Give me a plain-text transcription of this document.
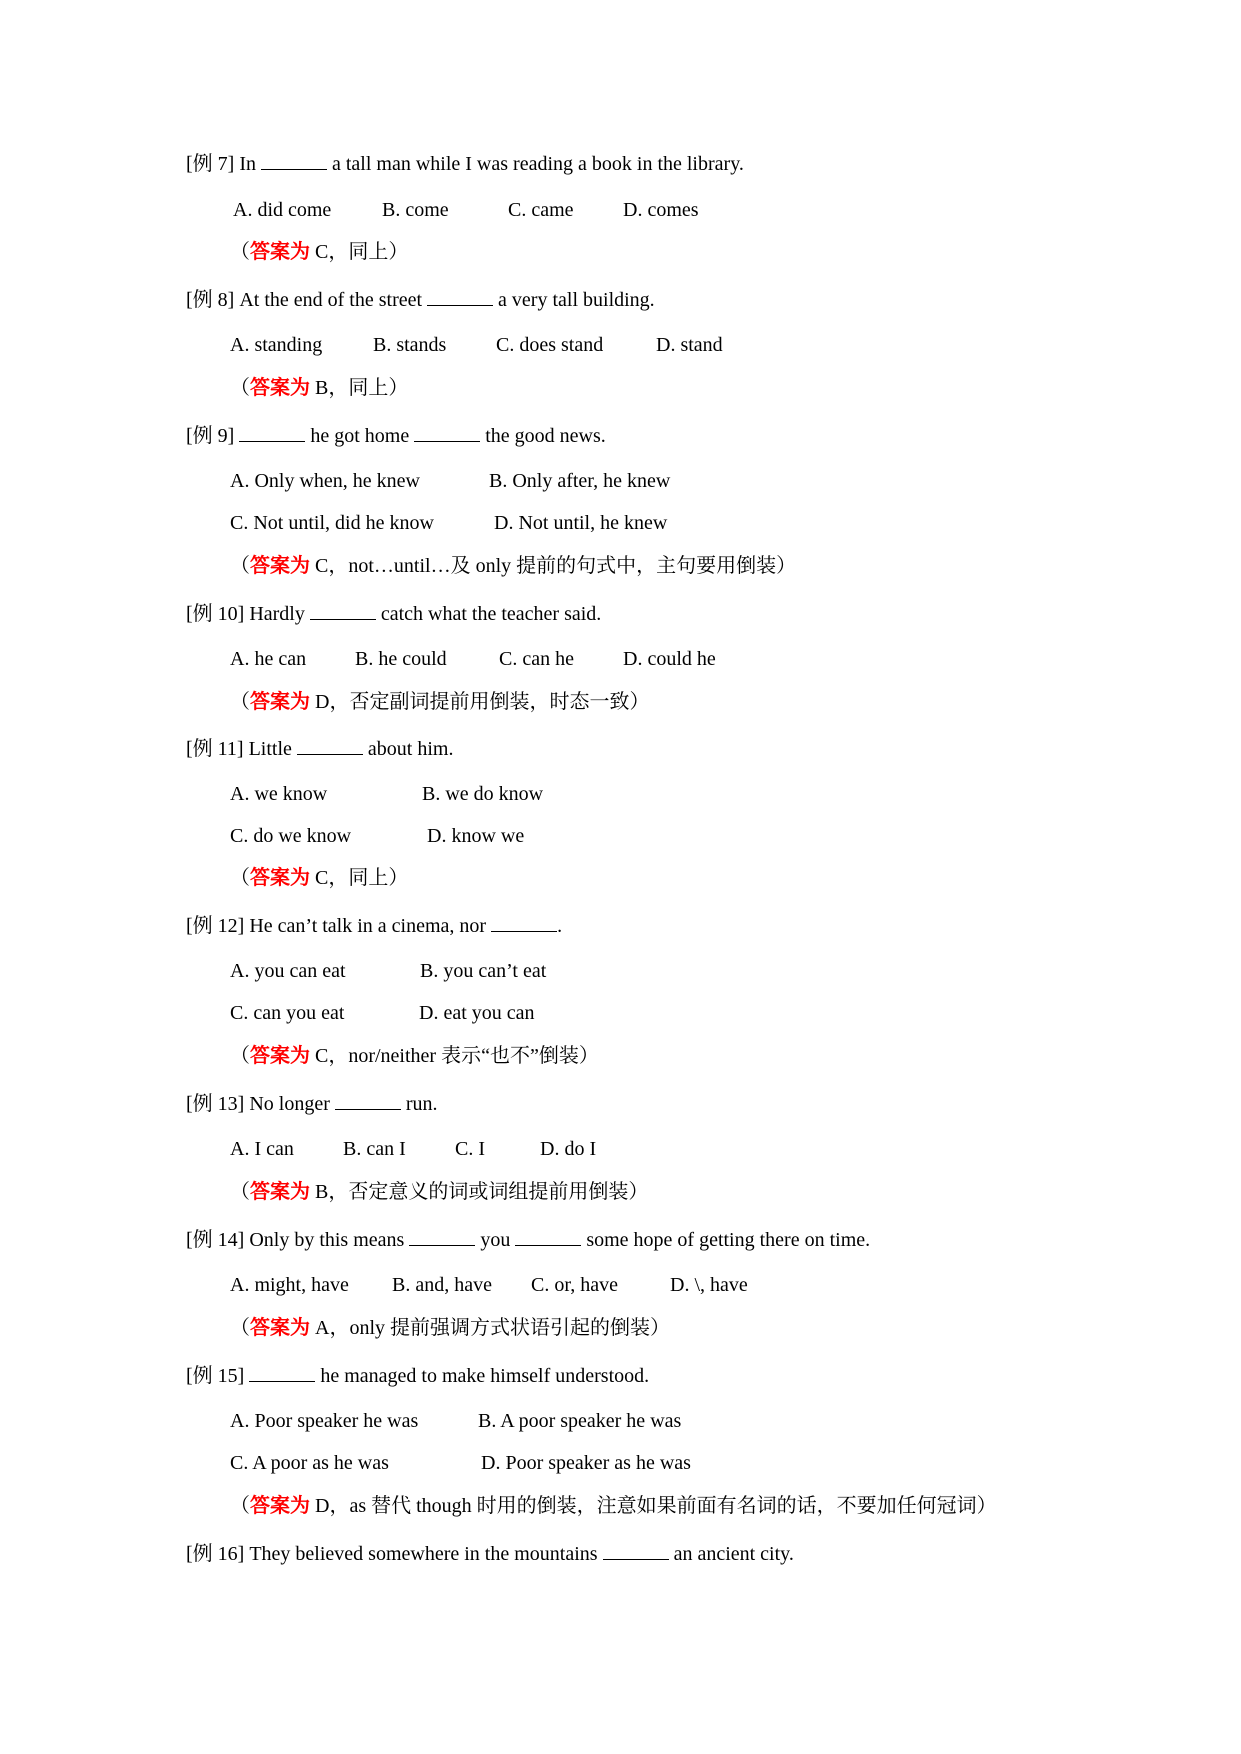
[例 7] In	a tall man while I was reading a book in the library.
A. did come	B. come	C. came D. comes
（答案为 C，同上）
[例 8] At the end of the street	a very tall building.
A. standing	B. stands C. does stand	D. stand
（答案为 B，同上）
[例 9]	he got home	the good news.
A. Only when, he knew	B. Only after, he knew
C. Not until, did he know	D. Not until, he knew
（答案为 C，not…until…及 only 提前的句式中，主句要用倒装）
[例 10] Hardly	catch what the teacher said.
A. he can B. he could	C. can he D. could he
（答案为 D，否定副词提前用倒装，时态一致）
[例 11] Little	about him.
A. we know	B. we do know
C. do we know	D. know we
（答案为 C，同上）
[例 12] He can’t talk in a cinema, nor	.
A. you can eat	B. you can’t eat
C. can you eat	D. eat you can
（答案为 C，nor/neither 表示“也不”倒装）
[例 13] No longer	run.
A. I can B. can I C. I	D. do I
（答案为 B，否定意义的词或词组提前用倒装）
[例 14] Only by this means	you	some hope of getting there on time.
A. might, have B. and, have C. or, have	D. \, have
（答案为 A，only 提前强调方式状语引起的倒装）
[例 15]	he managed to make himself understood.
A. Poor speaker he was	B. A poor speaker he was
C. A poor as he was	D. Poor speaker as he was
（答案为 D，as 替代 though 时用的倒装，注意如果前面有名词的话，不要加任何冠词）
[例 16] They believed somewhere in the mountains	an ancient city.
